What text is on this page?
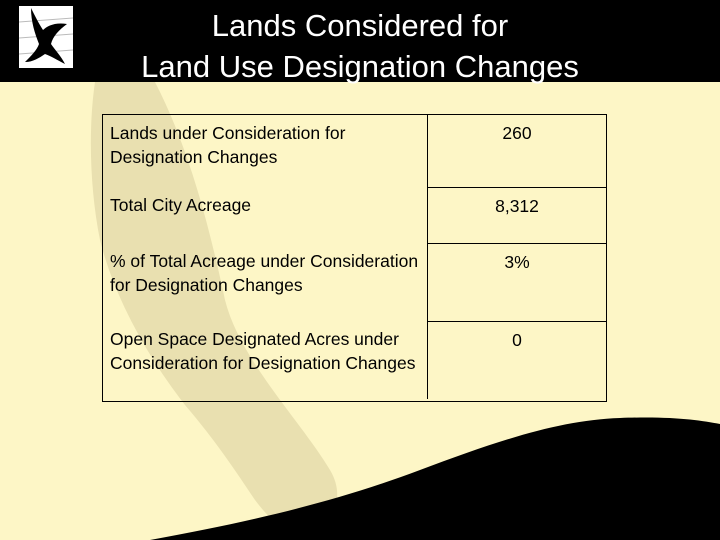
Lands Considered for
Land Use Designation Changes
Lands under Consideration for Designation Changes
260
8,312
Total City Acreage
3%
% of Total Acreage under Consideration for Designation Changes
0
Open Space Designated Acres under Consideration for Designation Changes
